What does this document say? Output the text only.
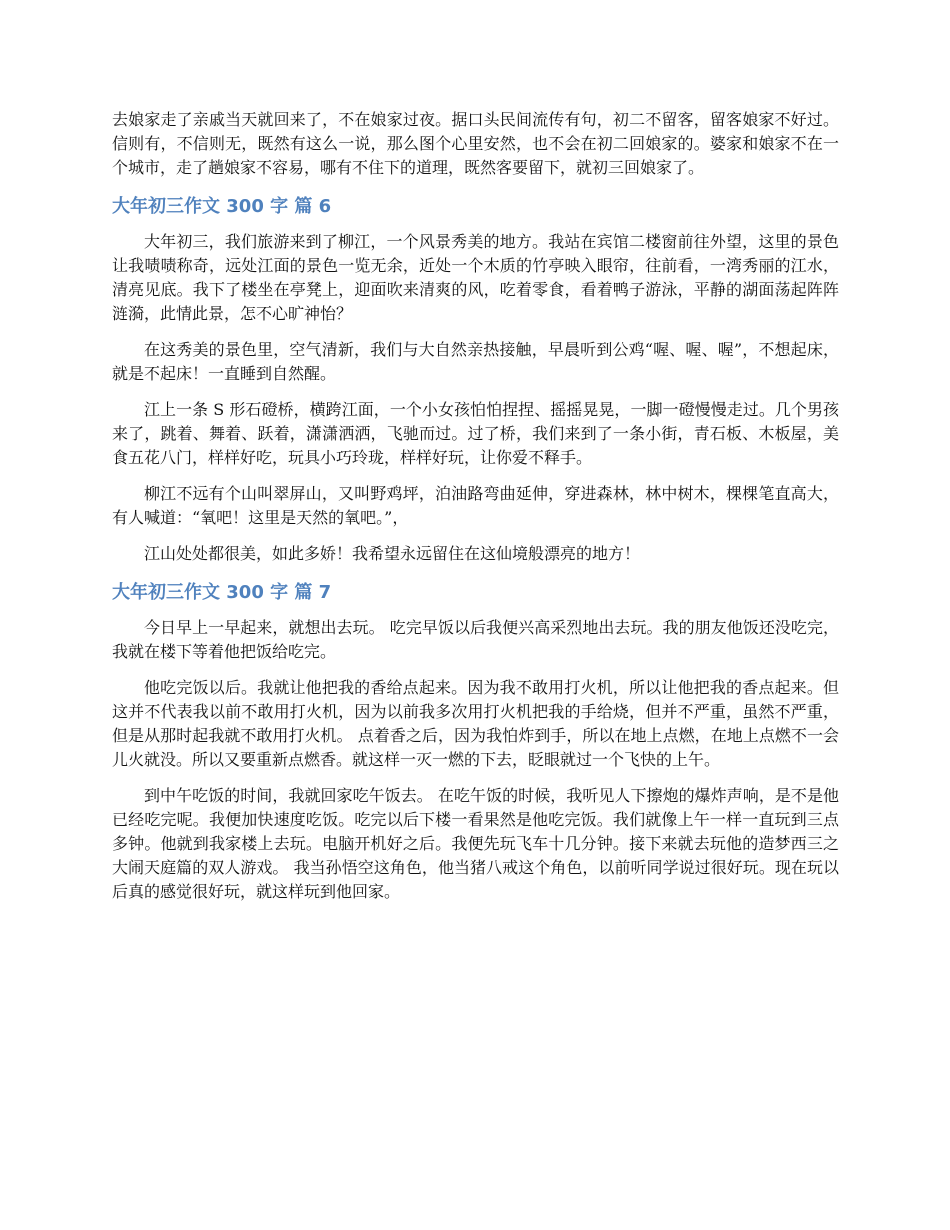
去娘家走了亲戚当天就回来了，不在娘家过夜。据口头民间流传有句，初二不留客，留客娘家不好过。信则有，不信则无，既然有这么一说，那么图个心里安然，也不会在初二回娘家的。婆家和娘家不在一个城市，走了趟娘家不容易，哪有不住下的道理，既然客要留下，就初三回娘家了。

大年初三作文 300 字 篇 6

大年初三，我们旅游来到了柳江，一个风景秀美的地方。我站在宾馆二楼窗前往外望，这里的景色让我啧啧称奇，远处江面的景色一览无余，近处一个木质的竹亭映入眼帘，往前看，一湾秀丽的江水，清亮见底。我下了楼坐在亭凳上，迎面吹来清爽的风，吃着零食，看着鸭子游泳，平静的湖面荡起阵阵涟漪，此情此景，怎不心旷神怡？

在这秀美的景色里，空气清新，我们与大自然亲热接触，早晨听到公鸡“喔、喔、喔”，不想起床，就是不起床！一直睡到自然醒。

江上一条 S 形石磴桥，横跨江面，一个小女孩怕怕捏捏、摇摇晃晃，一脚一磴慢慢走过。几个男孩来了，跳着、舞着、跃着，潇潇洒洒，飞驰而过。过了桥，我们来到了一条小街，青石板、木板屋，美食五花八门，样样好吃，玩具小巧玲珑，样样好玩，让你爱不释手。

柳江不远有个山叫翠屏山，又叫野鸡坪，泊油路弯曲延伸，穿进森林，林中树木，棵棵笔直高大，有人喊道：“氧吧！这里是天然的氧吧。”，

江山处处都很美，如此多娇！我希望永远留住在这仙境般漂亮的地方！

大年初三作文 300 字 篇 7

今日早上一早起来，就想出去玩。 吃完早饭以后我便兴高采烈地出去玩。我的朋友他饭还没吃完，我就在楼下等着他把饭给吃完。

他吃完饭以后。我就让他把我的香给点起来。因为我不敢用打火机，所以让他把我的香点起来。但这并不代表我以前不敢用打火机，因为以前我多次用打火机把我的手给烧，但并不严重，虽然不严重，但是从那时起我就不敢用打火机。 点着香之后，因为我怕炸到手，所以在地上点燃，在地上点燃不一会儿火就没。所以又要重新点燃香。就这样一灭一燃的下去，眨眼就过一个飞快的上午。

到中午吃饭的时间，我就回家吃午饭去。 在吃午饭的时候，我听见人下擦炮的爆炸声响，是不是他已经吃完呢。我便加快速度吃饭。吃完以后下楼一看果然是他吃完饭。我们就像上午一样一直玩到三点多钟。他就到我家楼上去玩。电脑开机好之后。我便先玩飞车十几分钟。接下来就去玩他的造梦西三之大闹天庭篇的双人游戏。 我当孙悟空这角色，他当猪八戒这个角色，以前听同学说过很好玩。现在玩以后真的感觉很好玩，就这样玩到他回家。
